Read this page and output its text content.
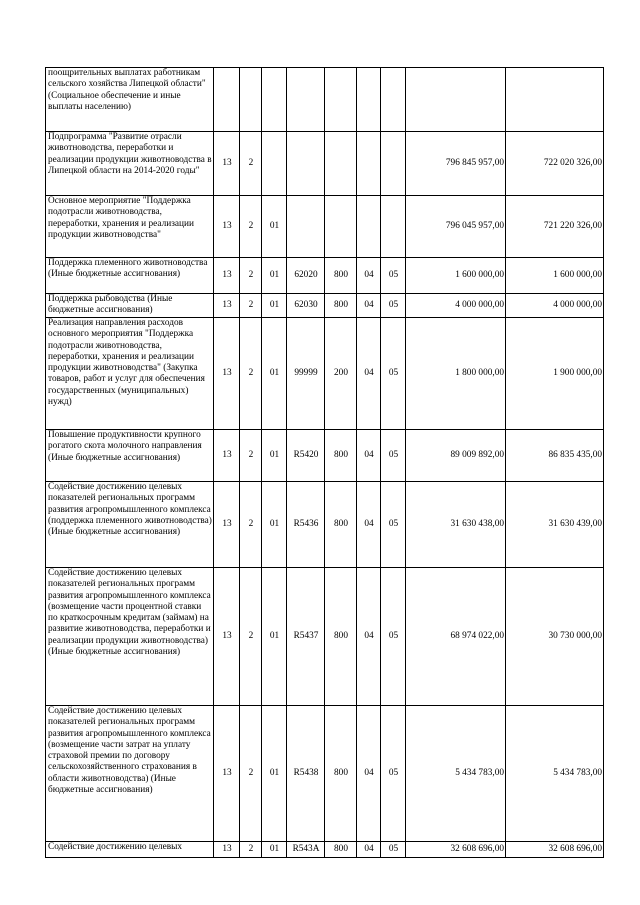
поощрительных выплатах работникам сельского хозяйства Липецкой области" (Социальное обеспечение и иные выплаты населению)									
Подпрограмма "Развитие отрасли животноводства, переработки и реализации продукции животноводства в Липецкой области на 2014-2020 годы"	13	2						796 845 957,00	722 020 326,00
Основное мероприятие "Поддержка подотрасли животноводства, переработки, хранения и реализации продукции животноводства"	13	2	01					796 045 957,00	721 220 326,00
Поддержка племенного животноводства (Иные бюджетные ассигнования)	13	2	01	62020	800	04	05	1 600 000,00	1 600 000,00
Поддержка рыбоводства (Иные бюджетные ассигнования)	13	2	01	62030	800	04	05	4 000 000,00	4 000 000,00
Реализация направления расходов основного мероприятия "Поддержка подотрасли животноводства, переработки, хранения и реализации продукции животноводства" (Закупка товаров, работ и услуг для обеспечения государственных (муниципальных) нужд)	13	2	01	99999	200	04	05	1 800 000,00	1 900 000,00
Повышение продуктивности крупного рогатого скота молочного направления (Иные бюджетные ассигнования)	13	2	01	R5420	800	04	05	89 009 892,00	86 835 435,00
Содействие достижению целевых показателей региональных программ развития агропромышленного комплекса (поддержка племенного животноводства) (Иные бюджетные ассигнования)	13	2	01	R5436	800	04	05	31 630 438,00	31 630 439,00
Содействие достижению целевых показателей региональных программ развития агропромышленного комплекса (возмещение части процентной ставки по краткосрочным кредитам (займам) на развитие животноводства, переработки и реализации продукции животноводства) (Иные бюджетные ассигнования)	13	2	01	R5437	800	04	05	68 974 022,00	30 730 000,00
Содействие достижению целевых показателей региональных программ развития агропромышленного комплекса (возмещение части затрат на уплату страховой премии по договору сельскохозяйственного страхования в области животноводства) (Иные бюджетные ассигнования)	13	2	01	R5438	800	04	05	5 434 783,00	5 434 783,00
Содействие достижению целевых	13	2	01	R543A	800	04	05	32 608 696,00	32 608 696,00
